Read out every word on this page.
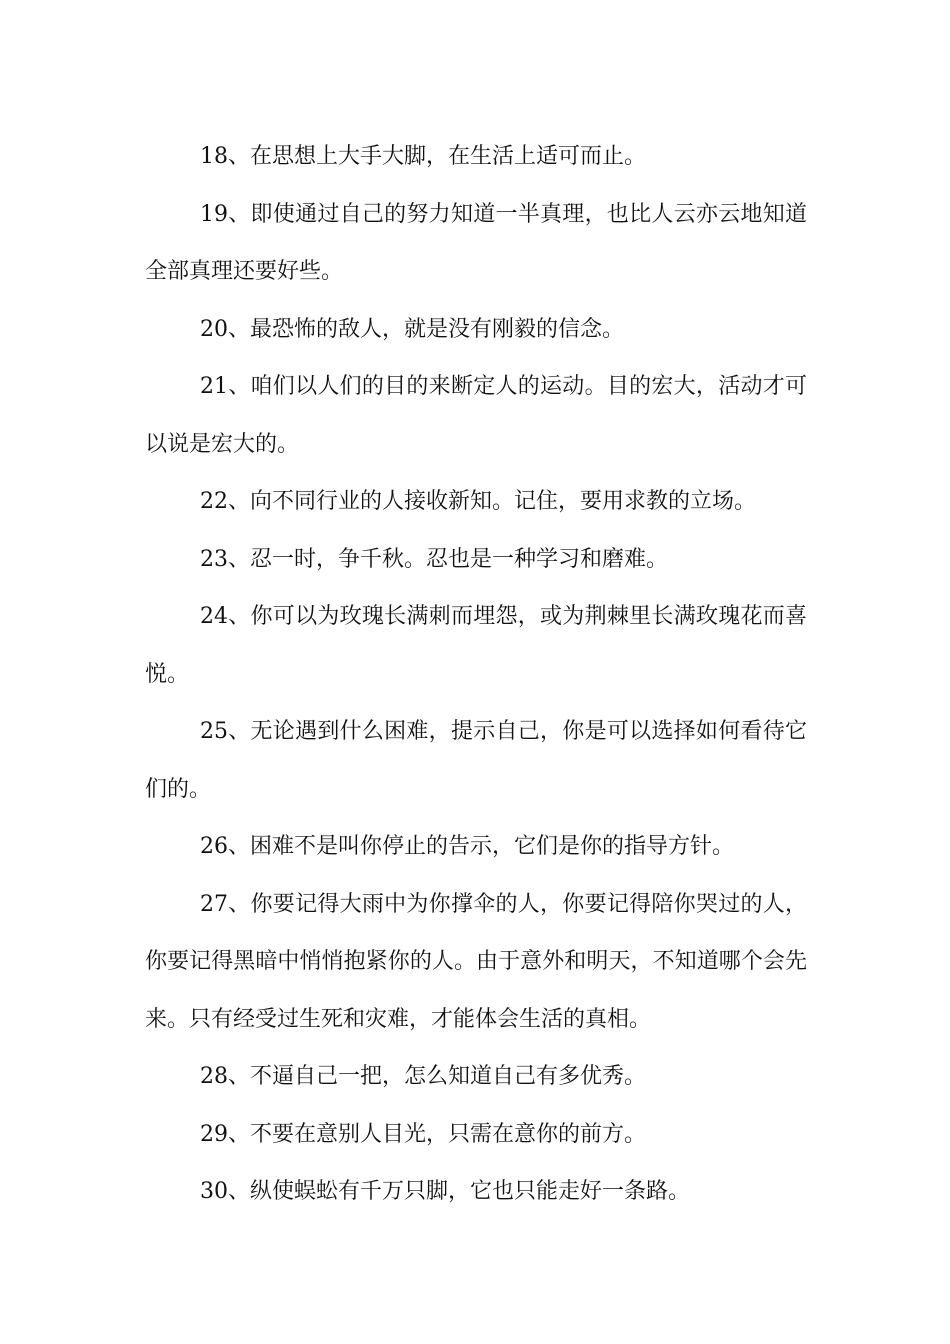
18、在思想上大手大脚，在生活上适可而止。

19、即使通过自己的努力知道一半真理，也比人云亦云地知道全部真理还要好些。

20、最恐怖的敌人，就是没有刚毅的信念。

21、咱们以人们的目的来断定人的运动。目的宏大，活动才可以说是宏大的。

22、向不同行业的人接收新知。记住，要用求教的立场。

23、忍一时，争千秋。忍也是一种学习和磨难。

24、你可以为玫瑰长满刺而埋怨，或为荆棘里长满玫瑰花而喜悦。

25、无论遇到什么困难，提示自己，你是可以选择如何看待它们的。

26、困难不是叫你停止的告示，它们是你的指导方针。

27、你要记得大雨中为你撑伞的人，你要记得陪你哭过的人，你要记得黑暗中悄悄抱紧你的人。由于意外和明天，不知道哪个会先来。只有经受过生死和灾难，才能体会生活的真相。

28、不逼自己一把，怎么知道自己有多优秀。

29、不要在意别人目光，只需在意你的前方。

30、纵使蜈蚣有千万只脚，它也只能走好一条路。
